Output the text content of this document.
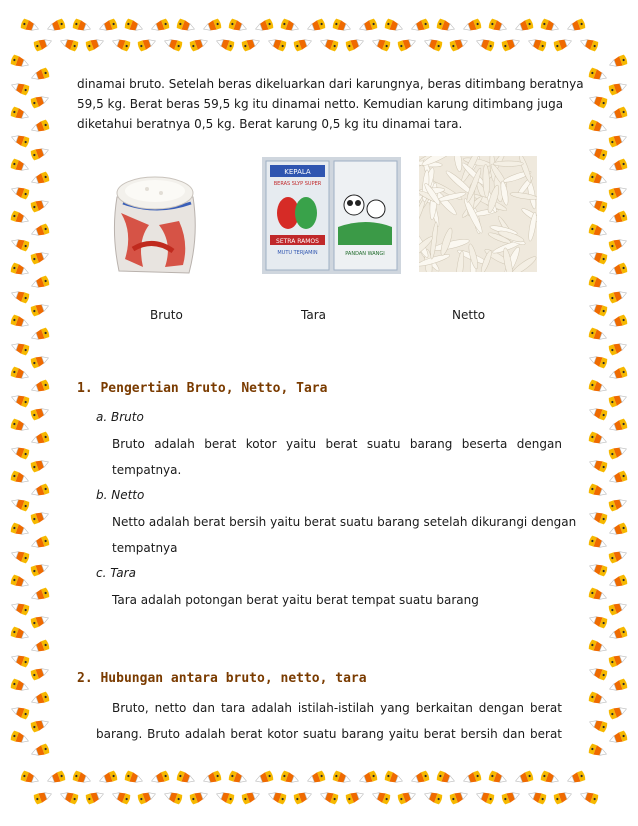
dinamai bruto. Setelah beras dikeluarkan dari karungnya, beras ditimbang beratnya
59,5 kg. Berat beras 59,5 kg itu dinamai netto. Kemudian karung ditimbang juga
diketahui beratnya 0,5 kg. Berat karung 0,5 kg itu dinamai tara.
KEPALA
BERAS SLYP SUPER
SETRA RAMOS
MUTU TERJAMIN	PANDAN WANGI
Bruto	Tara	Netto
1. Pengertian Bruto, Netto, Tara
a. Bruto
Bruto adalah berat kotor yaitu berat suatu barang beserta dengan
tempatnya.
b. Netto
Netto adalah berat bersih yaitu berat suatu barang setelah dikurangi dengan
tempatnya
c. Tara
Tara adalah potongan berat yaitu berat tempat suatu barang
2. Hubungan antara bruto, netto, tara
Bruto, netto dan tara adalah istilah-istilah yang berkaitan dengan berat
barang. Bruto adalah berat kotor suatu barang yaitu berat bersih dan berat
